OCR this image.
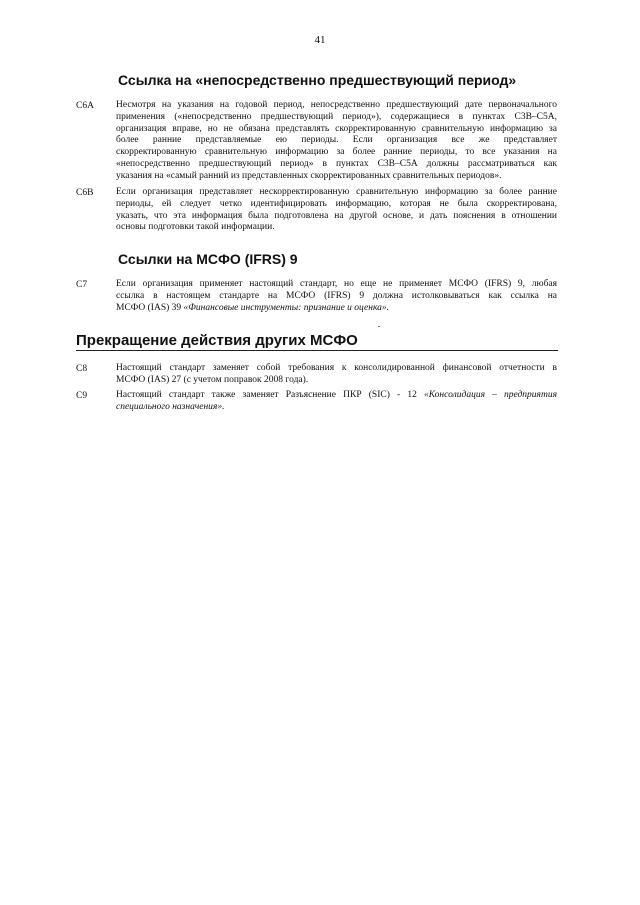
41
Ссылка на «непосредственно предшествующий период»
C6A Несмотря на указания на годовой период, непосредственно предшествующий дате первоначального
применения («непосредственно предшествующий период»), содержащиеся в пунктах С3В–С5А,
организация вправе, но не обязана представлять скорректированную сравнительную информацию за
более ранние представляемые ею периоды. Если организация все же представляет
скорректированную сравнительную информацию за более ранние периоды, то все указания на
«непосредственно предшествующий период» в пунктах С3В–С5А должны рассматриваться как
указания на «самый ранний из представленных скорректированных сравнительных периодов».
C6B Если организация представляет нескорректированную сравнительную информацию за более ранние
периоды, ей следует четко идентифицировать информацию, которая не была скорректирована,
указать, что эта информация была подготовлена на другой основе, и дать пояснения в отношении
основы подготовки такой информации.
Ссылки на МСФО (IFRS) 9
C7	Если организация применяет настоящий стандарт, но еще не применяет МСФО (IFRS) 9, любая
ссылка в настоящем стандарте на МСФО (IFRS) 9 должна истолковываться как ссылка на
МСФО (IAS) 39 «Финансовые инструменты: признание и оценка».
Прекращение действия других МСФО
C8	Настоящий стандарт заменяет собой требования к консолидированной финансовой отчетности в
МСФО (IAS) 27 (с учетом поправок 2008 года).
C9	Настоящий стандарт также заменяет Разъяснение ПКР (SIC) - 12 «Консолидация – предприятия
специального назначения».
